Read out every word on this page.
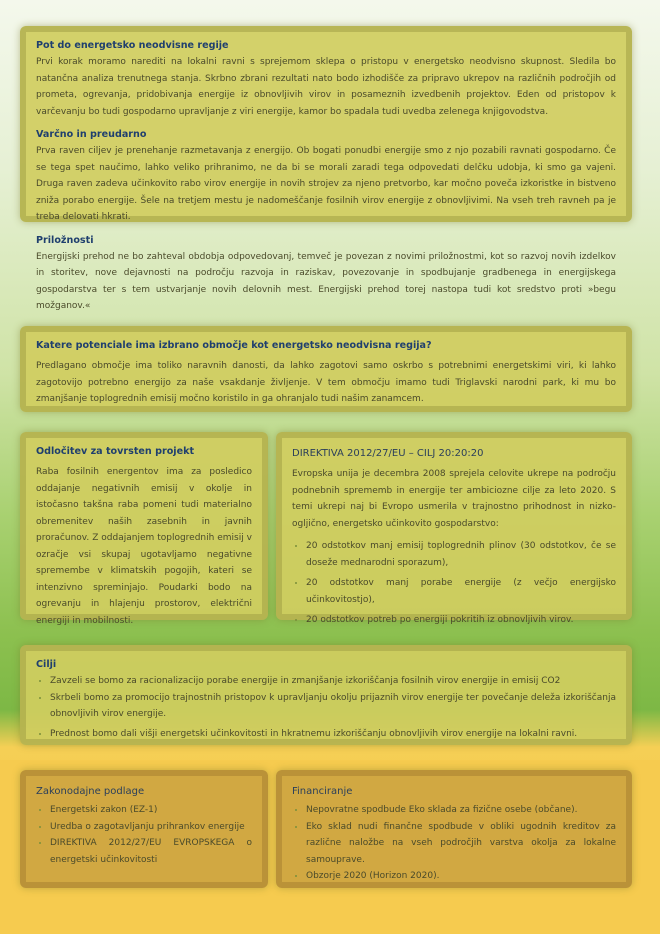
Pot do energetsko neodvisne regije

Prvi korak moramo narediti na lokalni ravni s sprejemom sklepa o pristopu v energetsko neodvisno skupnost. Sledila bo natančna analiza trenutnega stanja. Skrbno zbrani rezultati nato bodo izhodišče za pripravo ukrepov na različnih področjih od prometa, ogrevanja, pridobivanja energije iz obnovljivih virov in posameznih izvedbenih projektov. Eden od pristopov k varčevanju bo tudi gospodarno upravljanje z viri energije, kamor bo spadala tudi uvedba zelenega knjigovodstva.

Varčno in preudarno

Prva raven ciljev je prenehanje razmetavanja z energijo. Ob bogati ponudbi energije smo z njo pozabili ravnati gospodarno. Če se tega spet naučimo, lahko veliko prihranimo, ne da bi se morali zaradi tega odpovedati delčku udobja, ki smo ga vajeni. Druga raven zadeva učinkovito rabo virov energije in novih strojev za njeno pretvorbo, kar močno poveča izkoristke in bistveno zniža porabo energije. Šele na tretjem mestu je nadomeščanje fosilnih virov energije z obnovljivimi. Na vseh treh ravneh pa je treba delovati hkrati.

Priložnosti

Energijski prehod ne bo zahteval obdobja odpovedovanj, temveč je povezan z novimi priložnostmi, kot so razvoj novih izdelkov in storitev, nove dejavnosti na področju razvoja in raziskav, povezovanje in spodbujanje gradbenega in energijskega gospodarstva ter s tem ustvarjanje novih delovnih mest. Energijski prehod torej nastopa tudi kot sredstvo proti »begu možganov.«

Katere potenciale ima izbrano območje kot energetsko neodvisna regija?

Predlagano območje ima toliko naravnih danosti, da lahko zagotovi samo oskrbo s potrebnimi energetskimi viri, ki lahko zagotovijo potrebno energijo za naše vsakdanje življenje. V tem območju imamo tudi Triglavski narodni park, ki mu bo zmanjšanje toplogrednih emisij močno koristilo in ga ohranjalo tudi našim zanamcem.

Odločitev za tovrsten projekt

Raba fosilnih energentov ima za posledico oddajanje negativnih emisij v okolje in istočasno takšna raba pomeni tudi materialno obremenitev naših zasebnih in javnih proračunov. Z oddajanjem toplogrednih emisij v ozračje vsi skupaj ugotavljamo negativne spremembe v klimatskih pogojih, kateri se intenzivno spreminjajo. Poudarki bodo na ogrevanju in hlajenju prostorov, električni energiji in mobilnosti.

DIREKTIVA 2012/27/EU – CILJ 20:20:20

Evropska unija je decembra 2008 sprejela celovite ukrepe na področju podnebnih sprememb in energije ter ambiciozne cilje za leto 2020. S temi ukrepi naj bi Evropo usmerila v trajnostno prihodnost in nizko-ogljično, energetsko učinkovito gospodarstvo:

• 20 odstotkov manj emisij toplogrednih plinov (30 odstotkov, če se doseže mednarodni sporazum),
• 20 odstotkov manj porabe energije (z večjo energijsko učinkovitostjo),
• 20 odstotkov potreb po energiji pokritih iz obnovljivih virov.
Cilji
• Zavzeli se bomo za racionalizacijo porabe energije in zmanjšanje izkoriščanja fosilnih virov energije in emisij CO2
• Skrbeli bomo za promocijo trajnostnih pristopov k upravljanju okolju prijaznih virov energije ter povečanje deleža izkoriščanja obnovljivih virov energije.
• Prednost bomo dali višji energetski učinkovitosti in hkratnemu izkoriščanju obnovljivih virov energije na lokalni ravni.
Zakonodajne podlage
• Energetski zakon (EZ-1)
• Uredba o zagotavljanju prihrankov energije
• DIREKTIVA 2012/27/EU EVROPSKEGA o energetski učinkovitosti
Financiranje
• Nepovratne spodbude Eko sklada za fizične osebe (občane).
• Eko sklad nudi finančne spodbude v obliki ugodnih kreditov za različne naložbe na vseh področjih varstva okolja za lokalne samouprave.
• Obzorje 2020 (Horizon 2020).
